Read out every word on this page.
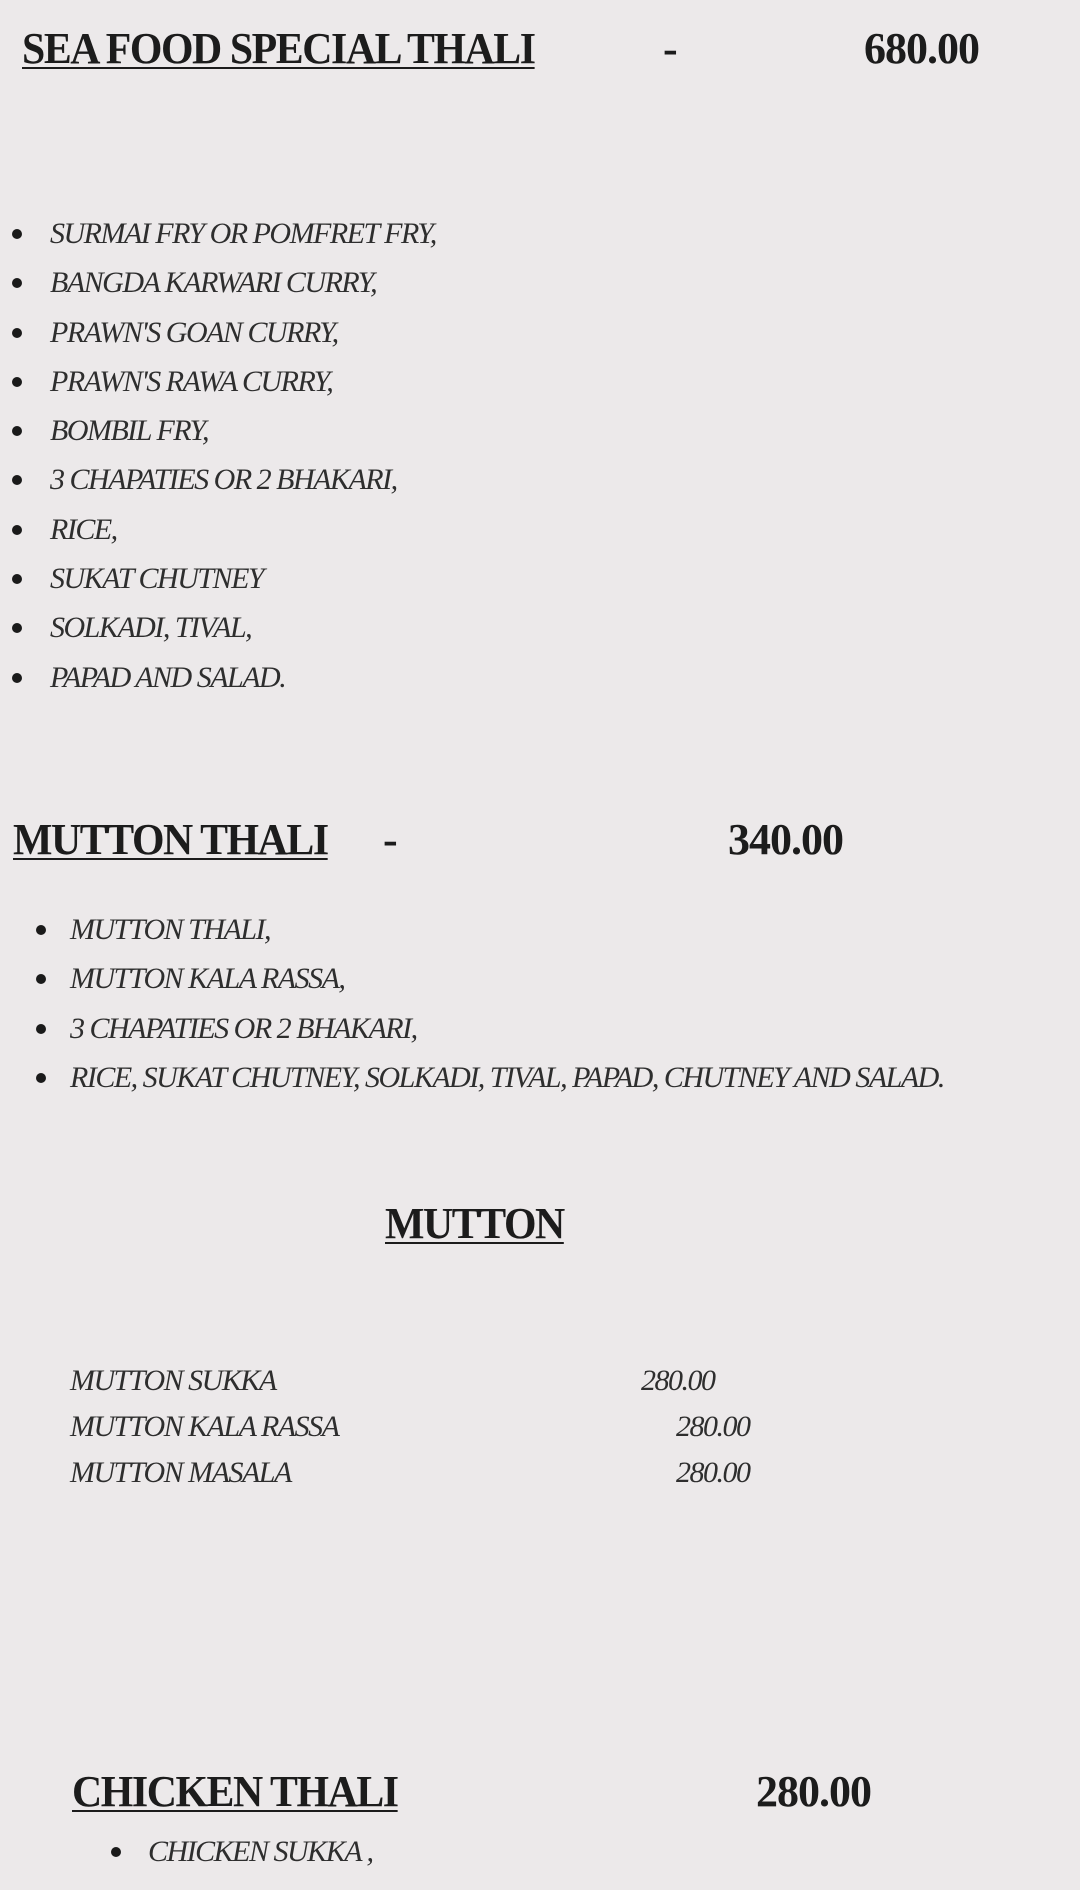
SEA FOOD SPECIAL THALI	-	680.00
SURMAI FRY OR POMFRET FRY,
BANGDA KARWARI CURRY,
PRAWN'S GOAN CURRY,
PRAWN'S RAWA CURRY,
BOMBIL FRY,
3 CHAPATIES OR 2 BHAKARI,
RICE,
SUKAT CHUTNEY
SOLKADI, TIVAL,
PAPAD AND SALAD.
MUTTON THALI -	340.00
MUTTON THALI,
MUTTON KALA RASSA,
3 CHAPATIES OR 2 BHAKARI,
RICE, SUKAT CHUTNEY, SOLKADI, TIVAL, PAPAD, CHUTNEY AND SALAD.
MUTTON
MUTTON SUKKA	280.00
MUTTON KALA RASSA	280.00
MUTTON MASALA	280.00
CHICKEN THALI	280.00
CHICKEN SUKKA ,
